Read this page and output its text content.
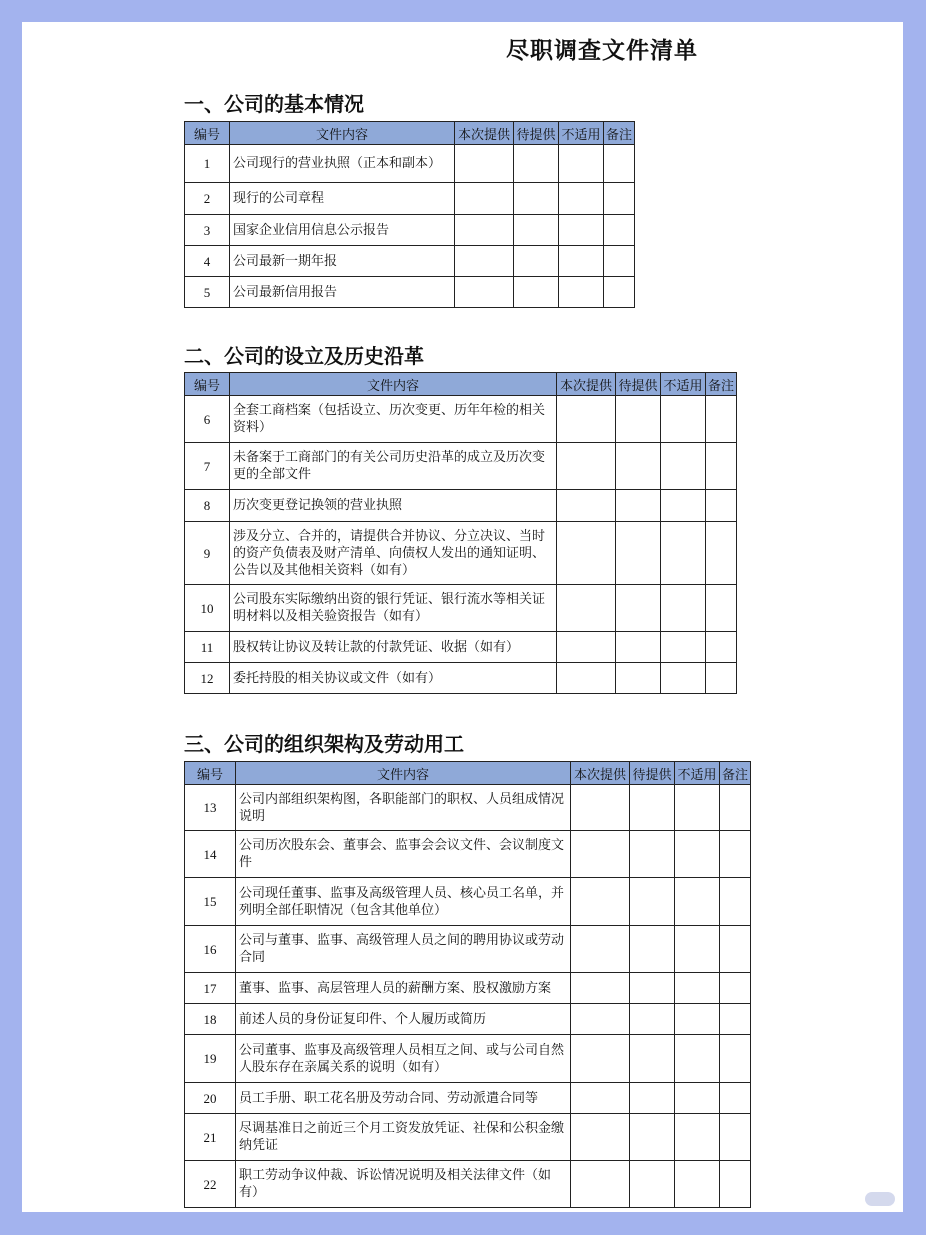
尽职调查文件清单
一、公司的基本情况
编号	文件内容	本次提供	待提供	不适用	备注
1	公司现行的营业执照（正本和副本）				
2	现行的公司章程				
3	国家企业信用信息公示报告				
4	公司最新一期年报				
5	公司最新信用报告				
二、公司的设立及历史沿革
编号	文件内容	本次提供	待提供	不适用	备注
6	全套工商档案（包括设立、历次变更、历年年检的相关资料）				
7	未备案于工商部门的有关公司历史沿革的成立及历次变更的全部文件				
8	历次变更登记换领的营业执照				
9	涉及分立、合并的，请提供合并协议、分立决议、当时的资产负债表及财产清单、向债权人发出的通知证明、公告以及其他相关资料（如有）				
10	公司股东实际缴纳出资的银行凭证、银行流水等相关证明材料以及相关验资报告（如有）				
11	股权转让协议及转让款的付款凭证、收据（如有）				
12	委托持股的相关协议或文件（如有）				
三、公司的组织架构及劳动用工
编号	文件内容	本次提供	待提供	不适用	备注
13	公司内部组织架构图，各职能部门的职权、人员组成情况说明				
14	公司历次股东会、董事会、监事会会议文件、会议制度文件				
15	公司现任董事、监事及高级管理人员、核心员工名单，并列明全部任职情况（包含其他单位）				
16	公司与董事、监事、高级管理人员之间的聘用协议或劳动合同				
17	董事、监事、高层管理人员的薪酬方案、股权激励方案				
18	前述人员的身份证复印件、个人履历或简历				
19	公司董事、监事及高级管理人员相互之间、或与公司自然人股东存在亲属关系的说明（如有）				
20	员工手册、职工花名册及劳动合同、劳动派遣合同等				
21	尽调基准日之前近三个月工资发放凭证、社保和公积金缴纳凭证				
22	职工劳动争议仲裁、诉讼情况说明及相关法律文件（如有）				
